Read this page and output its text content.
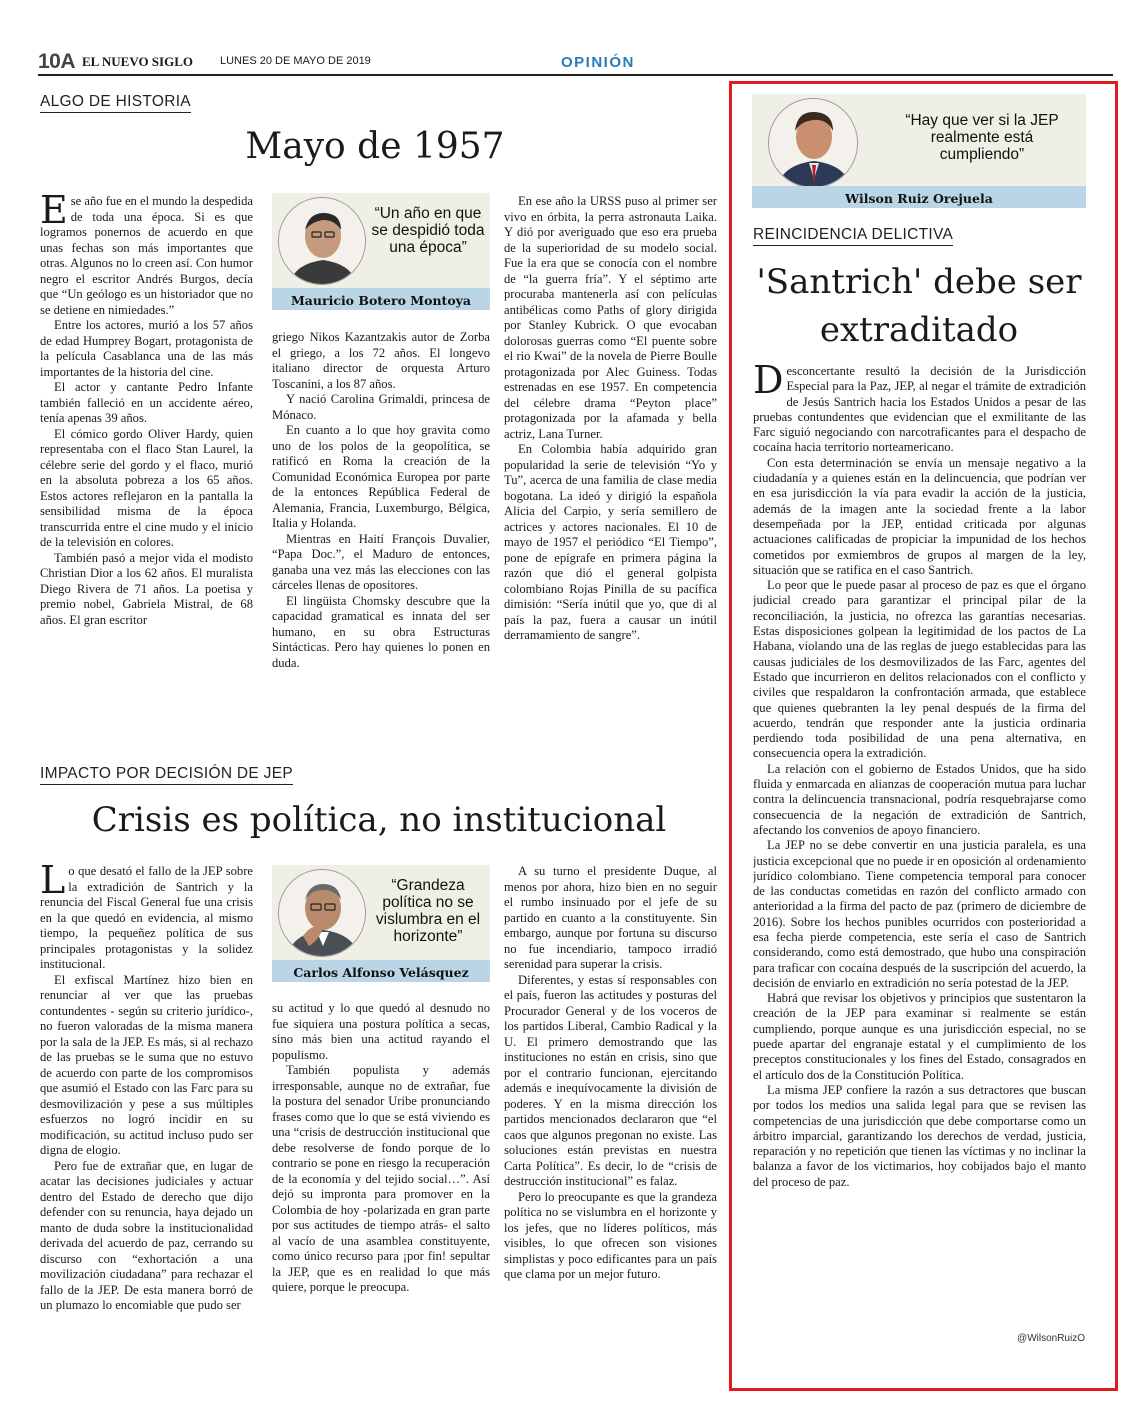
10A EL NUEVO SIGLO LUNES 20 DE MAYO DE 2019	OPINIÓN
ALGO DE HISTORIA
Mayo de 1957

Ese año fue en el mundo la despedida de toda una época. Si es que logramos ponernos de acuerdo en que unas fechas son más importantes que otras. Algunos no lo creen así. Con humor negro el escritor Andrés Burgos, decía que “Un geólogo es un historiador que no se detiene en nimiedades.”

Entre los actores, murió a los 57 años de edad Humprey Bogart, protagonista de la película Casablanca una de las más importantes de la historia del cine.

El actor y cantante Pedro Infante también falleció en un accidente aéreo, tenía apenas 39 años.

El cómico gordo Oliver Hardy, quien representaba con el flaco Stan Laurel, la célebre serie del gordo y el flaco, murió en la absoluta pobreza a los 65 años. Estos actores reflejaron en la pantalla la sensibilidad misma de la época transcurrida entre el cine mudo y el inicio de la televisión en colores.

También pasó a mejor vida el modisto Christian Dior a los 62 años. El muralista Diego Rivera de 71 años. La poetisa y premio nobel, Gabriela Mistral, de 68 años. El gran escritor

“Un año en que se despidió toda una época”
Mauricio Botero Montoya

griego Nikos Kazantzakis autor de Zorba el griego, a los 72 años. El longevo italiano director de orquesta Arturo Toscanini, a los 87 años.

Y nació Carolina Grimaldi, princesa de Mónaco.

En cuanto a lo que hoy gravita como uno de los polos de la geopolítica, se ratificó en Roma la creación de la Comunidad Económica Europea por parte de la entonces República Federal de Alemania, Francia, Luxemburgo, Bélgica, Italia y Holanda.

Mientras en Haití François Duvalier, “Papa Doc.”, el Maduro de entonces, ganaba una vez más las elecciones con las cárceles llenas de opositores.

El lingüista Chomsky descubre que la capacidad gramatical es innata del ser humano, en su obra Estructuras Sintácticas. Pero hay quienes lo ponen en duda.

En ese año la URSS puso al primer ser vivo en órbita, la perra astronauta Laika. Y dió por averiguado que eso era prueba de la superioridad de su modelo social. Fue la era que se conocía con el nombre de “la guerra fría”. Y el séptimo arte procuraba mantenerla así con películas antibélicas como Paths of glory dirigida por Stanley Kubrick. O que evocaban dolorosas guerras como “El puente sobre el rio Kwai” de la novela de Pierre Boulle protagonizada por Alec Guiness. Todas estrenadas en ese 1957. En competencia del célebre drama “Peyton place” protagonizada por la afamada y bella actriz, Lana Turner.

En Colombia había adquirido gran popularidad la serie de televisión “Yo y Tu”, acerca de una familia de clase media bogotana. La ideó y dirigió la española Alicia del Carpio, y sería semillero de actrices y actores nacionales. El 10 de mayo de 1957 el periódico “El Tiempo”, pone de epígrafe en primera página la razón que dió el general golpista colombiano Rojas Pinilla de su pacífica dimisión: “Sería inútil que yo, que di al país la paz, fuera a causar un inútil derramamiento de sangre”.

IMPACTO POR DECISIÓN DE JEP
Crisis es política, no institucional

Lo que desató el fallo de la JEP sobre la extradición de Santrich y la renuncia del Fiscal General fue una crisis en la que quedó en evidencia, al mismo tiempo, la pequeñez política de sus principales protagonistas y la solidez institucional.

El exfiscal Martínez hizo bien en renunciar al ver que las pruebas contundentes - según su criterio jurídico-, no fueron valoradas de la misma manera por la sala de la JEP. Es más, si al rechazo de las pruebas se le suma que no estuvo de acuerdo con parte de los compromisos que asumió el Estado con las Farc para su desmovilización y pese a sus múltiples esfuerzos no logró incidir en su modificación, su actitud incluso pudo ser digna de elogio.

Pero fue de extrañar que, en lugar de acatar las decisiones judiciales y actuar dentro del Estado de derecho que dijo defender con su renuncia, haya dejado un manto de duda sobre la institucionalidad derivada del acuerdo de paz, cerrando su discurso con “exhortación a una movilización ciudadana” para rechazar el fallo de la JEP. De esta manera borró de un plumazo lo encomiable que pudo ser

“Grandeza política no se vislumbra en el horizonte”
Carlos Alfonso Velásquez

su actitud y lo que quedó al desnudo no fue siquiera una postura política a secas, sino más bien una actitud rayando el populismo.

También populista y además irresponsable, aunque no de extrañar, fue la postura del senador Uribe pronunciando frases como que lo que se está viviendo es una “crisis de destrucción institucional que debe resolverse de fondo porque de lo contrario se pone en riesgo la recuperación de la economía y del tejido social…”. Así dejó su impronta para promover en la Colombia de hoy -polarizada en gran parte por sus actitudes de tiempo atrás- el salto al vacío de una asamblea constituyente, como único recurso para ¡por fin! sepultar la JEP, que es en realidad lo que más quiere, porque le preocupa.

A su turno el presidente Duque, al menos por ahora, hizo bien en no seguir el rumbo insinuado por el jefe de su partido en cuanto a la constituyente. Sin embargo, aunque por fortuna su discurso no fue incendiario, tampoco irradió serenidad para superar la crisis.

Diferentes, y estas sí responsables con el país, fueron las actitudes y posturas del Procurador General y de los voceros de los partidos Liberal, Cambio Radical y la U. El primero demostrando que las instituciones no están en crisis, sino que por el contrario funcionan, ejercitando además e inequívocamente la división de poderes. Y en la misma dirección los partidos mencionados declararon que “el caos que algunos pregonan no existe. Las soluciones están previstas en nuestra Carta Política”. Es decir, lo de “crisis de destrucción institucional” es falaz.

Pero lo preocupante es que la grandeza política no se vislumbra en el horizonte y los jefes, que no líderes políticos, más visibles, lo que ofrecen son visiones simplistas y poco edificantes para un país que clama por un mejor futuro.

“Hay que ver si la JEP realmente está cumpliendo”
Wilson Ruiz Orejuela
REINCIDENCIA DELICTIVA
'Santrich' debe ser extraditado

Desconcertante resultó la decisión de la Jurisdicción Especial para la Paz, JEP, al negar el trámite de extradición de Jesús Santrich hacia los Estados Unidos a pesar de las pruebas contundentes que evidencian que el exmilitante de las Farc siguió negociando con narcotraficantes para el despacho de cocaína hacia territorio norteamericano.

Con esta determinación se envía un mensaje negativo a la ciudadanía y a quienes están en la delincuencia, que podrían ver en esa jurisdicción la vía para evadir la acción de la justicia, además de la imagen ante la sociedad frente a la labor desempeñada por la JEP, entidad criticada por algunas actuaciones calificadas de propiciar la impunidad de los hechos cometidos por exmiembros de grupos al margen de la ley, situación que se ratifica en el caso Santrich.

Lo peor que le puede pasar al proceso de paz es que el órgano judicial creado para garantizar el principal pilar de la reconciliación, la justicia, no ofrezca las garantías necesarias. Estas disposiciones golpean la legitimidad de los pactos de La Habana, violando una de las reglas de juego establecidas para las causas judiciales de los desmovilizados de las Farc, agentes del Estado que incurrieron en delitos relacionados con el conflicto y civiles que respaldaron la confrontación armada, que establece que quienes quebranten la ley penal después de la firma del acuerdo, tendrán que responder ante la justicia ordinaria perdiendo toda posibilidad de una pena alternativa, en consecuencia opera la extradición.

La relación con el gobierno de Estados Unidos, que ha sido fluida y enmarcada en alianzas de cooperación mutua para luchar contra la delincuencia transnacional, podría resquebrajarse como consecuencia de la negación de extradición de Santrich, afectando los convenios de apoyo financiero.

La JEP no se debe convertir en una justicia paralela, es una justicia excepcional que no puede ir en oposición al ordenamiento jurídico colombiano. Tiene competencia temporal para conocer de las conductas cometidas en razón del conflicto armado con anterioridad a la firma del pacto de paz (primero de diciembre de 2016). Sobre los hechos punibles ocurridos con posterioridad a esa fecha pierde competencia, este sería el caso de Santrich considerando, como está demostrado, que hubo una conspiración para traficar con cocaína después de la suscripción del acuerdo, la decisión de enviarlo en extradición no sería potestad de la JEP.

Habrá que revisar los objetivos y principios que sustentaron la creación de la JEP para examinar si realmente se están cumpliendo, porque aunque es una jurisdicción especial, no se puede apartar del engranaje estatal y el cumplimiento de los preceptos constitucionales y los fines del Estado, consagrados en el artículo dos de la Constitución Política.

La misma JEP confiere la razón a sus detractores que buscan por todos los medios una salida legal para que se revisen las competencias de una jurisdicción que debe comportarse como un árbitro imparcial, garantizando los derechos de verdad, justicia, reparación y no repetición que tienen las víctimas y no inclinar la balanza a favor de los victimarios, hoy cobijados bajo el manto del proceso de paz.

@WilsonRuizO
